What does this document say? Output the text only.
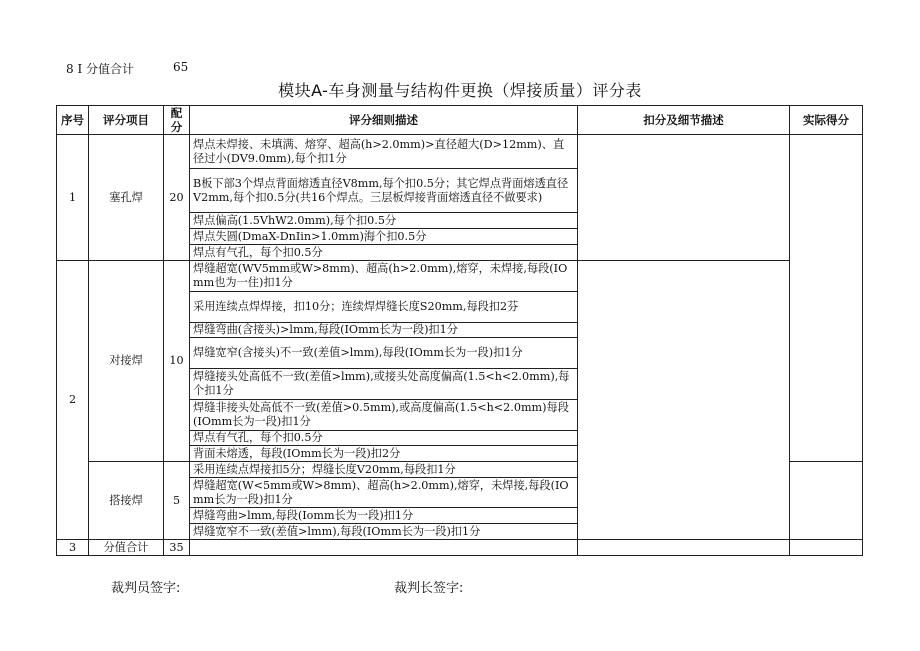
8 I 分值合计	65
模块A-车身测量与结构件更换（焊接质量）评分表
序号	评分项目	配分	评分细则描述	扣分及细节描述	实际得分
1	塞孔焊	20	焊点未焊接、未填满、熔穿、超高(h>2.0mm)>直径超大(D>12mm)、直径过小(DV9.0mm),每个扣1分		
			B板下部3个焊点背面熔透直径V8mm,每个扣0.5分；其它焊点背面熔透直径V2mm,每个扣0.5分(共16个焊点。三层板焊接背面熔透直径不做要求)		
			焊点偏高(1.5VhW2.0mm),每个扣0.5分		
			焊点失圆(DmaX-DnIin>1.0mm)海个扣0.5分		
			焊点有气孔，每个扣0.5分		
2	对接焊	10	焊缝超宽(WV5mm或W>8mm)、超高(h>2.0mm),熔穿，未焊接,每段(IOmm也为一住)扣1分		
			采用连续点焊焊接，扣10分；连续焊焊缝长度S20mm,每段扣2芬		
			焊缝弯曲(含接头)>lmm,每段(IOmm长为一段)扣1分		
			焊缝宽窄(含接头)不一致(差值>lmm),每段(IOmm长为一段)扣1分		
			焊缝接头处高低不一致(差值>lmm),或接头处高度偏高(1.5<h<2.0mm),每个扣1分		
			焊缝非接头处高低不一致(差值>0.5mm),或高度偏高(1.5<h<2.0mm)每段(IOmm长为一段)扣1分		
			焊点有气孔，每个扣0.5分		
			背面未熔透，每段(IOmm长为一段)扣2分		
	搭接焊	5	采用连续点焊接扣5分；焊缝长度V20mm,每段扣1分		
			焊缝超宽(W<5mm或W>8mm)、超高(h>2.0mm),熔穿，未焊接,每段(IOmm长为一段)扣1分		
			焊缝弯曲>lmm,每段(Iomm长为一段)扣1分		
			焊缝宽窄不一致(差值>lmm),每段(IOmm长为一段)扣1分		
3	分值合计	35			
裁判员签字:	裁判长签字:
